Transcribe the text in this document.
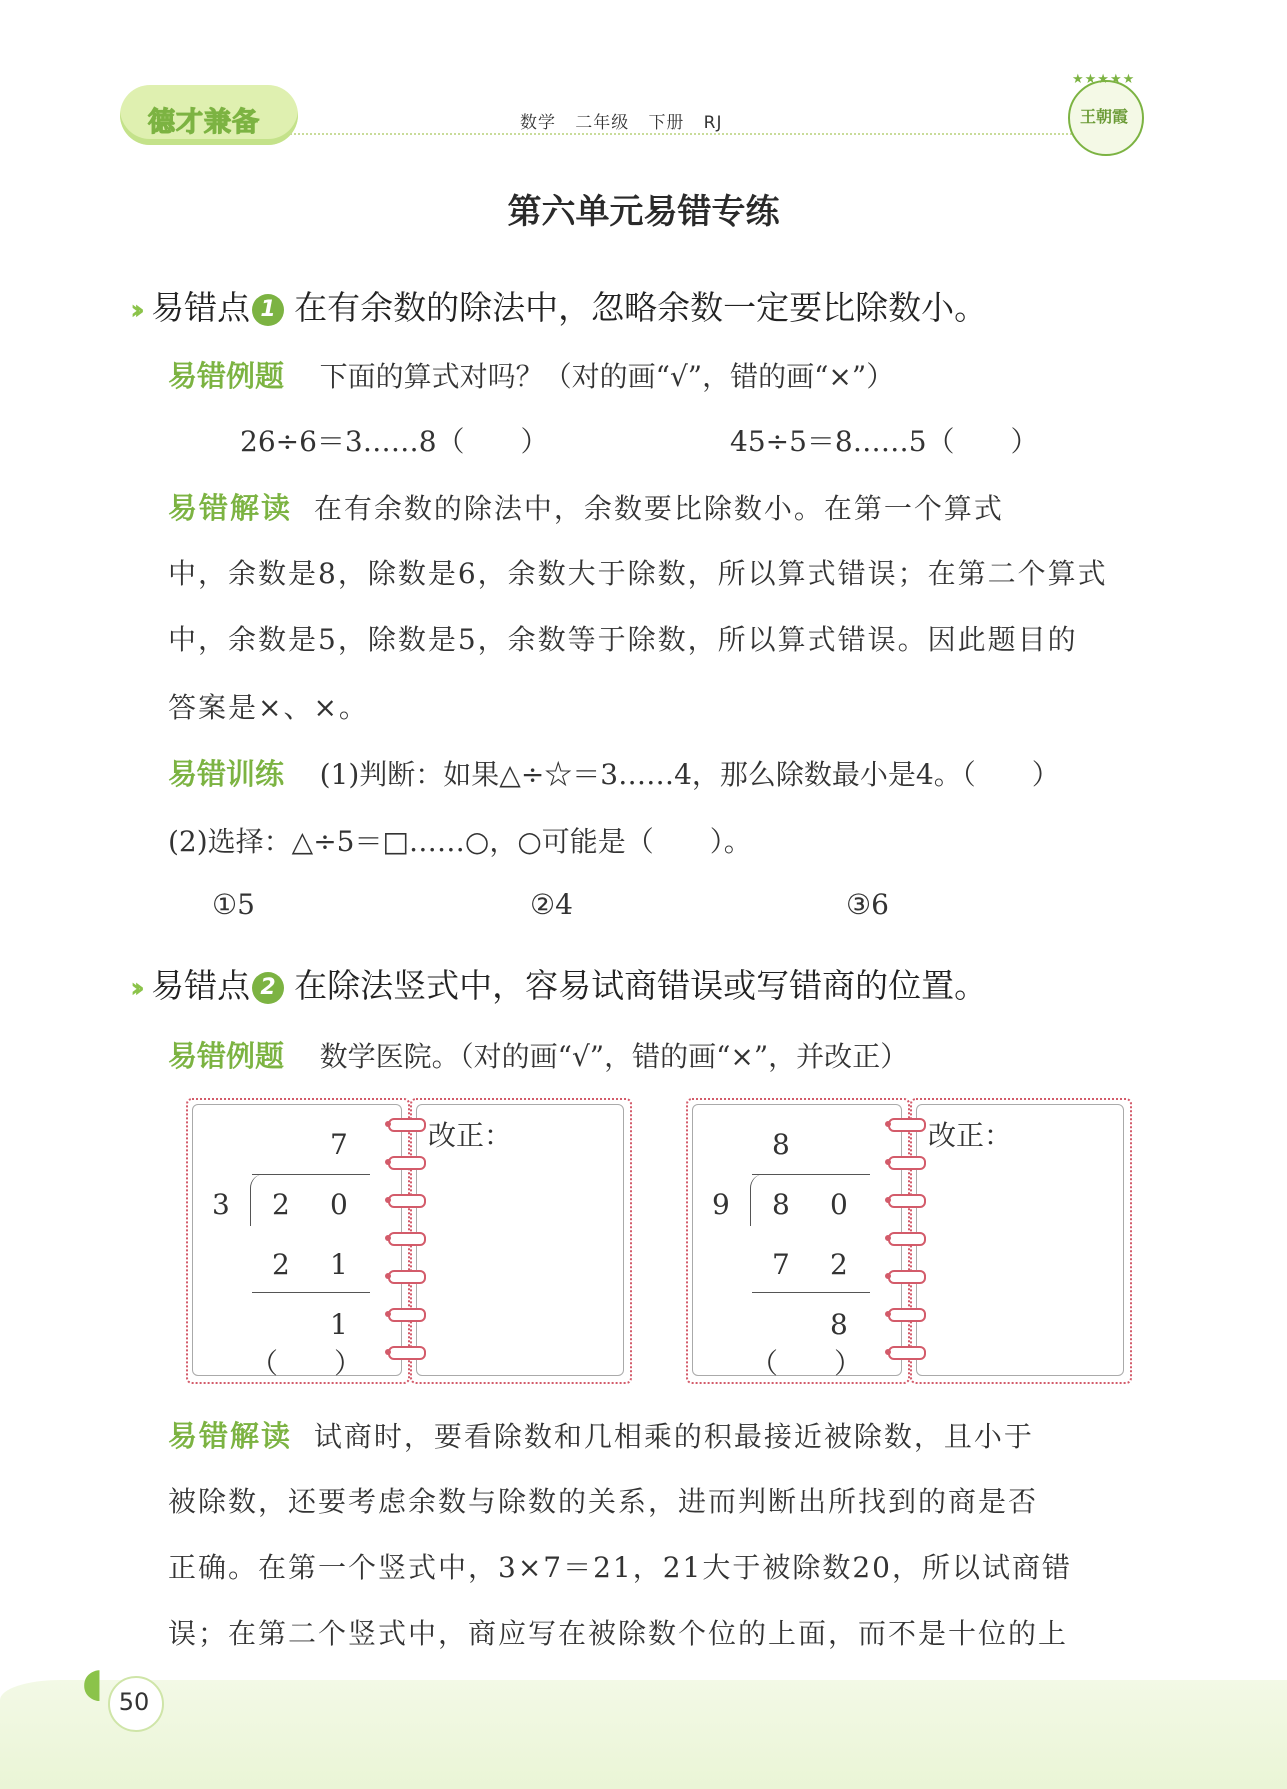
德才兼备	数学 二年级 下册 RJ
★★★★★
王朝霞
第六单元易错专练
›› 易错点 1 在有余数的除法中，忽略余数一定要比除数小。
易错例题 下面的算式对吗？（对的画“√”，错的画“×”）
26÷6＝3……8（　　）	45÷5＝8……5（　　）
易错解读 在有余数的除法中，余数要比除数小。在第一个算式
中，余数是8，除数是6，余数大于除数，所以算式错误；在第二个算式
中，余数是5，除数是5，余数等于除数，所以算式错误。因此题目的
答案是×、×。
易错训练 (1)判断：如果△÷☆＝3……4，那么除数最小是4。（　　）
(2)选择：△÷5＝□……○，○可能是（　　）。
①5	②4	③6
›› 易错点 2 在除法竖式中，容易试商错误或写错商的位置。
易错例题 数学医院。（对的画“√”，错的画“×”，并改正）
7
3 2 0
2 1
1
（　　）
改正：	8
9 8 0
7 2
8
（　　）
改正：
易错解读 试商时，要看除数和几相乘的积最接近被除数，且小于
被除数，还要考虑余数与除数的关系，进而判断出所找到的商是否
正确。在第一个竖式中，3×7＝21，21大于被除数20，所以试商错
误；在第二个竖式中，商应写在被除数个位的上面，而不是十位的上
◖ 50
